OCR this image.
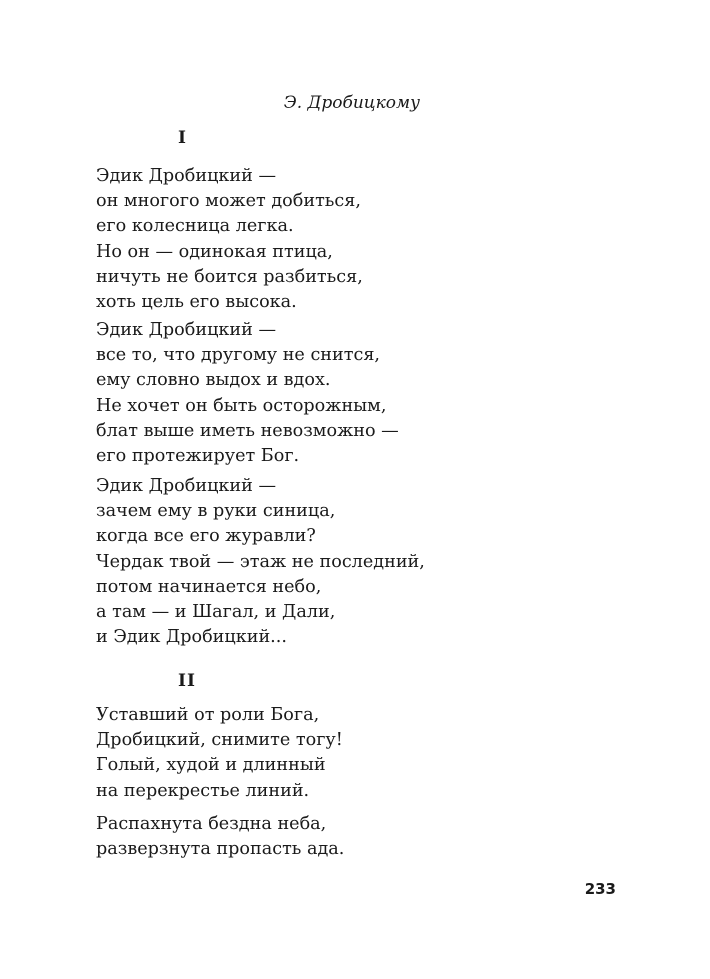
Э. Дробицкому
I
Эдик Дробицкий —
он многого может добиться,
его колесница легка.
Но он — одинокая птица,
ничуть не боится разбиться,
хоть цель его высока.
Эдик Дробицкий —
все то, что другому не снится,
ему словно выдох и вдох.
Не хочет он быть осторожным,
блат выше иметь невозможно —
его протежирует Бог.
Эдик Дробицкий —
зачем ему в руки синица,
когда все его журавли?
Чердак твой — этаж не последний,
потом начинается небо,
а там — и Шагал, и Дали,
и Эдик Дробицкий...
II
Уставший от роли Бога,
Дробицкий, снимите тогу!
Голый, худой и длинный
на перекрестье линий.
Распахнута бездна неба,
разверзнута пропасть ада.
233
